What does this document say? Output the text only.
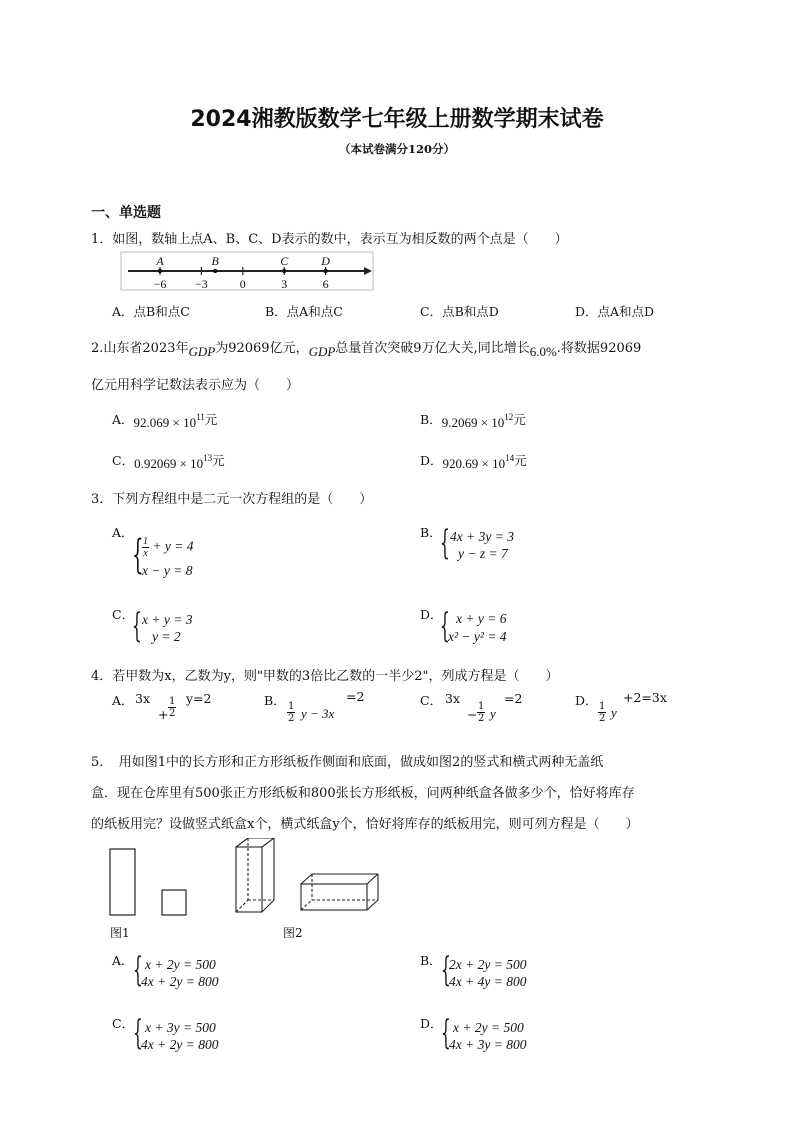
2024湘教版数学七年级上册数学期末试卷
（本试卷满分120分）
一、单选题
1．如图，数轴上点A、B、C、D表示的数中，表示互为相反数的两个点是（　　）
−6 −3	0	3	6
A	B	C	D
A．点B和点C	B．点A和点C	C．点B和点D	D．点A和点D
2.山东省2023年GDP为92069亿元，GDP总量首次突破9万亿大关,同比增长6.0%.将数据92069
亿元用科学记数法表示应为（　　）
A．$92.069 \times 10^{11}$元	B．$9.2069 \times 10^{12}$元
C．$0.92069 \times 10^{13}$元	D．$920.69 \times 10^{14}$元
3．下列方程组中是二元一次方程组的是（　　）
A．
{
$\frac{1}{x} + y = 4$
x − y = 8
B．
{ 4x + 3y = 3
y − z = 7
C．
{ x + y = 3
y = 2
D．
{ x + y = 6
x² − y² = 4
4．若甲数为x，乙数为y，则"甲数的3倍比乙数的一半少2"，列成方程是（　　）
A． 3x
+ $\frac{1}{2} y=2$	B．	=2
$\frac{1}{2}$ y − 3x
C． 3x
− $\frac{1}{2}$ y
=2	D． +2=3x
$\frac{1}{2}$ y
5．　用如图1中的长方形和正方形纸板作侧面和底面，做成如图2的竖式和横式两种无盖纸
盒．现在仓库里有500张正方形纸板和800张长方形纸板，问两种纸盒各做多少个，恰好将库存
的纸板用完？设做竖式纸盒x个，横式纸盒y个，恰好将库存的纸板用完，则可列方程是（　　）
图1	图2
A． { x + 2y = 500
4x + 2y = 800
B． {
2x + 2y = 500
4x + 4y = 800
C．
{ x + 3y = 500
4x + 2y = 800
D．
{ x + 2y = 500
4x + 3y = 800
